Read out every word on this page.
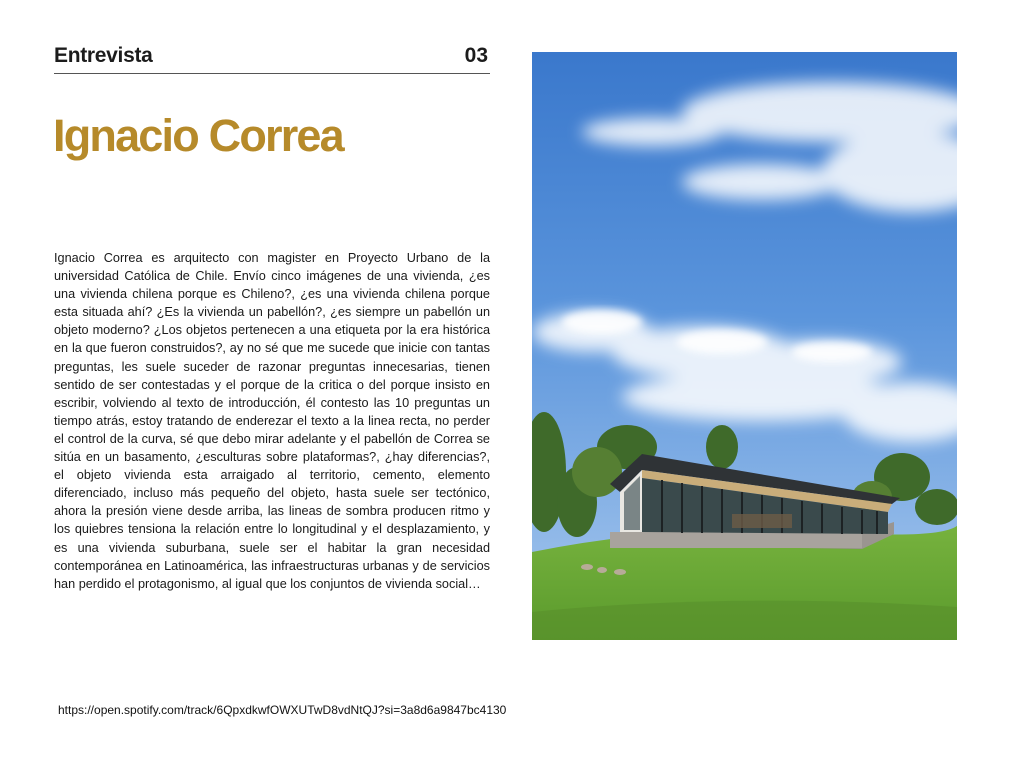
Entrevista	03
Ignacio Correa

Ignacio Correa es arquitecto con magister en Proyecto Urbano de la universidad Católica de Chile. Envío cinco imágenes de una vivienda, ¿es una vivienda chilena porque es Chileno?, ¿es una vivienda chilena porque esta situada ahí? ¿Es la vivienda un pabellón?, ¿es siempre un pabellón un objeto moderno? ¿Los objetos pertenecen a una etiqueta por la era histórica en la que fueron construidos?, ay no sé que me sucede que inicie con tantas preguntas, les suele suceder de razonar preguntas innecesarias, tienen sentido de ser contestadas y el porque de la critica o del porque insisto en escribir, volviendo al texto de introducción, él contesto las 10 preguntas un tiempo atrás, estoy tratando de enderezar el texto a la linea recta, no perder el control de la curva, sé que debo mirar adelante y el pabellón de Correa se sitúa en un basamento, ¿esculturas sobre plataformas?, ¿hay diferencias?, el objeto vivienda esta arraigado al territorio, cemento, elemento diferenciado, incluso más pequeño del objeto, hasta suele ser tectónico, ahora la presión viene desde arriba, las lineas de sombra producen ritmo y los quiebres tensiona la relación entre lo longitudinal y el desplazamiento, y es una vivienda suburbana, suele ser el habitar la gran necesidad contemporánea en Latinoamérica, las infraestructuras urbanas y de servicios han perdido el protagonismo, al igual que los conjuntos de vivienda social…

https://open.spotify.com/track/6QpxdkwfOWXUTwD8vdNtQJ?si=3a8d6a9847bc4130
